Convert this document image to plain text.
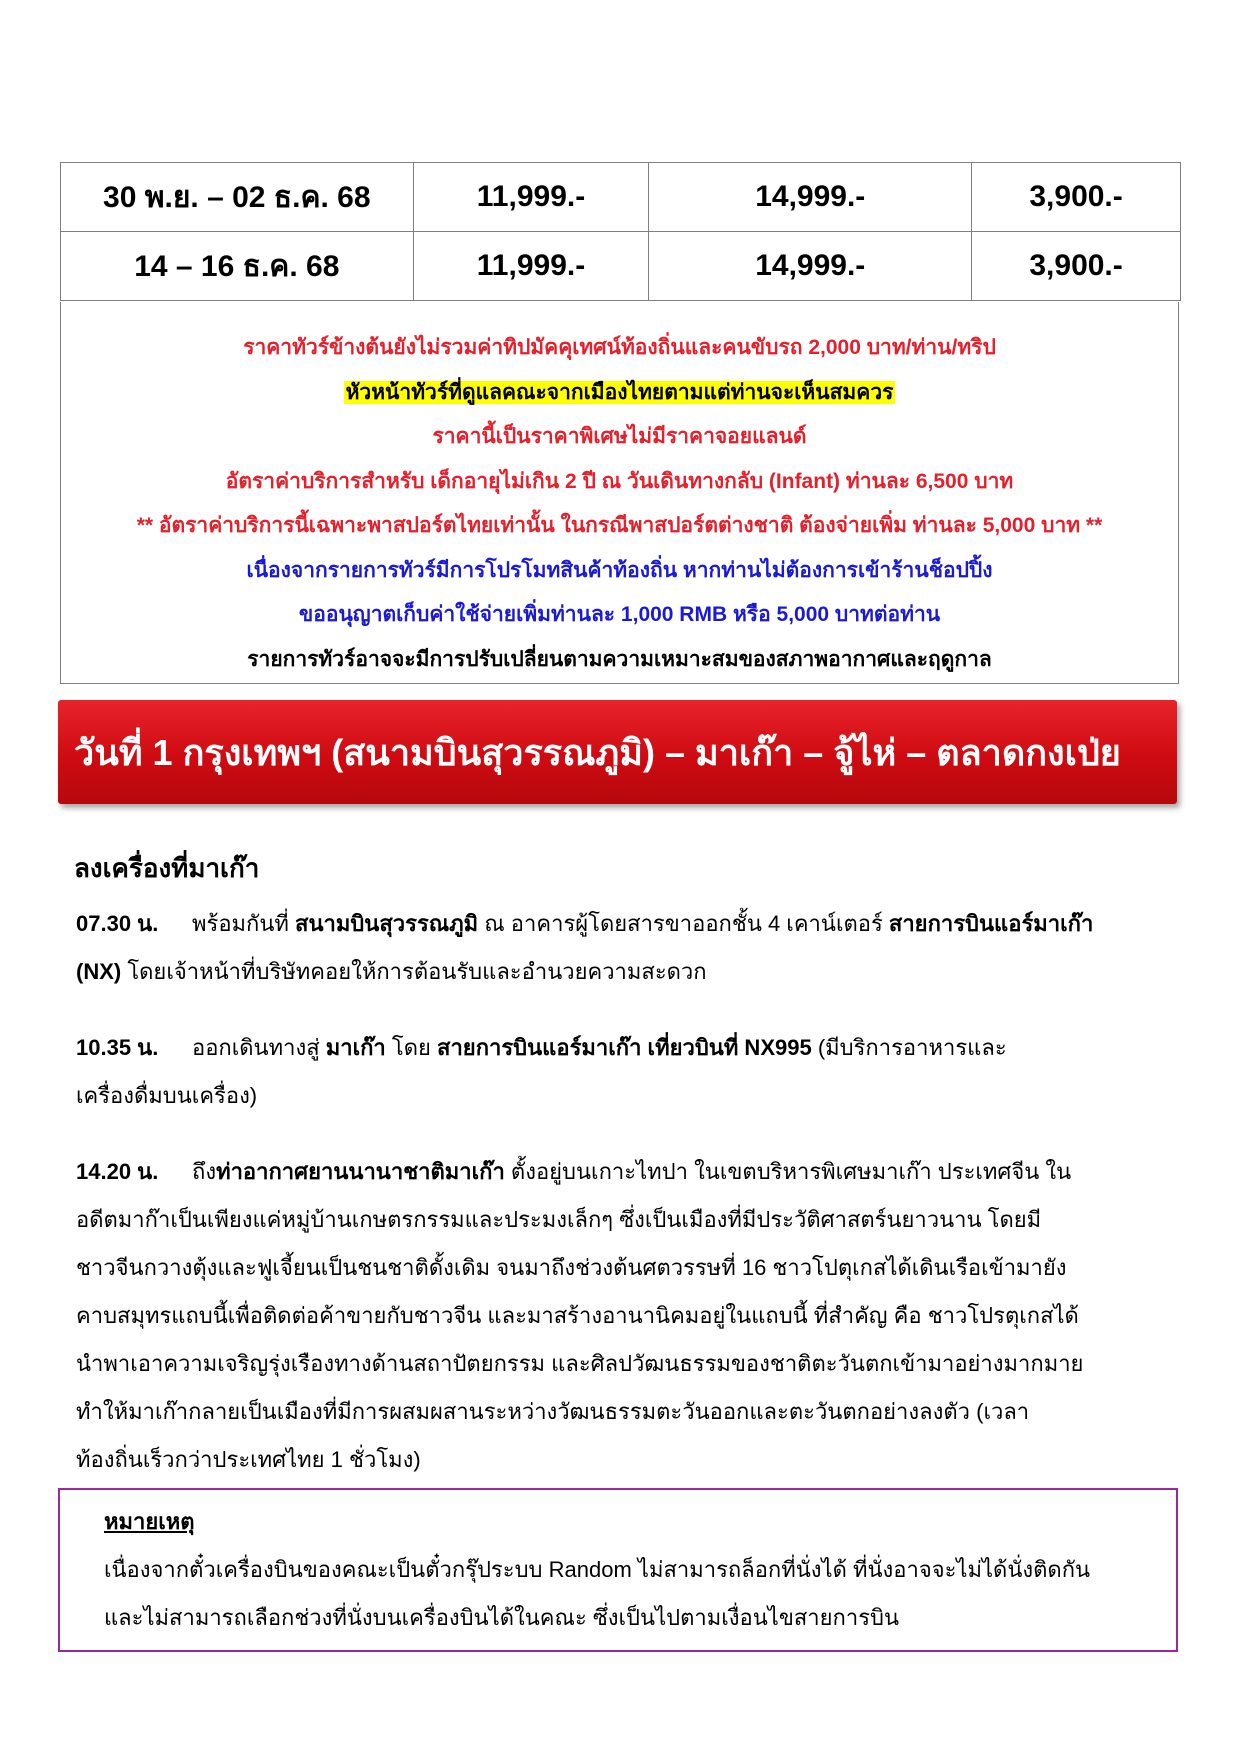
30 พ.ย. – 02 ธ.ค. 68	11,999.-	14,999.-	3,900.-
14 – 16 ธ.ค. 68	11,999.-	14,999.-	3,900.-
ราคาทัวร์ข้างต้นยังไม่รวมค่าทิปมัคคุเทศน์ท้องถิ่นและคนขับรถ 2,000 บาท/ท่าน/ทริป
หัวหน้าทัวร์ที่ดูแลคณะจากเมืองไทยตามแต่ท่านจะเห็นสมควร
ราคานี้เป็นราคาพิเศษไม่มีราคาจอยแลนด์
อัตราค่าบริการสำหรับ เด็กอายุไม่เกิน 2 ปี ณ วันเดินทางกลับ (Infant) ท่านละ 6,500 บาท
** อัตราค่าบริการนี้เฉพาะพาสปอร์ตไทยเท่านั้น ในกรณีพาสปอร์ตต่างชาติ ต้องจ่ายเพิ่ม ท่านละ 5,000 บาท **
เนื่องจากรายการทัวร์มีการโปรโมทสินค้าท้องถิ่น หากท่านไม่ต้องการเข้าร้านช็อปปิ้ง
ขออนุญาตเก็บค่าใช้จ่ายเพิ่มท่านละ 1,000 RMB หรือ 5,000 บาทต่อท่าน
รายการทัวร์อาจจะมีการปรับเปลี่ยนตามความเหมาะสมของสภาพอากาศและฤดูกาล
วันที่ 1 กรุงเทพฯ (สนามบินสุวรรณภูมิ) – มาเก๊า – จู้ไห่ – ตลาดกงเป่ย
ลงเครื่องที่มาเก๊า
07.30 น. พร้อมกันที่ สนามบินสุวรรณภูมิ ณ อาคารผู้โดยสารขาออกชั้น 4 เคาน์เตอร์ สายการบินแอร์มาเก๊า
(NX) โดยเจ้าหน้าที่บริษัทคอยให้การต้อนรับและอำนวยความสะดวก
10.35 น. ออกเดินทางสู่ มาเก๊า โดย สายการบินแอร์มาเก๊า เที่ยวบินที่ NX995 (มีบริการอาหารและ
เครื่องดื่มบนเครื่อง)
14.20 น. ถึงท่าอากาศยานนานาชาติมาเก๊า ตั้งอยู่บนเกาะไทปา ในเขตบริหารพิเศษมาเก๊า ประเทศจีน ใน
อดีตมาก๊าเป็นเพียงแค่หมู่บ้านเกษตรกรรมและประมงเล็กๆ ซึ่งเป็นเมืองที่มีประวัติศาสตร์นยาวนาน โดยมี
ชาวจีนกวางตุ้งและฟูเจี้ยนเป็นชนชาติดั้งเดิม จนมาถึงช่วงต้นศตวรรษที่ 16 ชาวโปตุเกสได้เดินเรือเข้ามายัง
คาบสมุทรแถบนี้เพื่อติดต่อค้าขายกับชาวจีน และมาสร้างอานานิคมอยู่ในแถบนี้ ที่สำคัญ คือ ชาวโปรตุเกสได้
นำพาเอาความเจริญรุ่งเรืองทางด้านสถาปัตยกรรม และศิลปวัฒนธรรมของชาติตะวันตกเข้ามาอย่างมากมาย
ทำให้มาเก๊ากลายเป็นเมืองที่มีการผสมผสานระหว่างวัฒนธรรมตะวันออกและตะวันตกอย่างลงตัว (เวลา
ท้องถิ่นเร็วกว่าประเทศไทย 1 ชั่วโมง)
หมายเหตุ
เนื่องจากตั๋วเครื่องบินของคณะเป็นตั๋วกรุ๊ประบบ Random ไม่สามารถล็อกที่นั่งได้ ที่นั่งอาจจะไม่ได้นั่งติดกัน
และไม่สามารถเลือกช่วงที่นั่งบนเครื่องบินได้ในคณะ ซึ่งเป็นไปตามเงื่อนไขสายการบิน
